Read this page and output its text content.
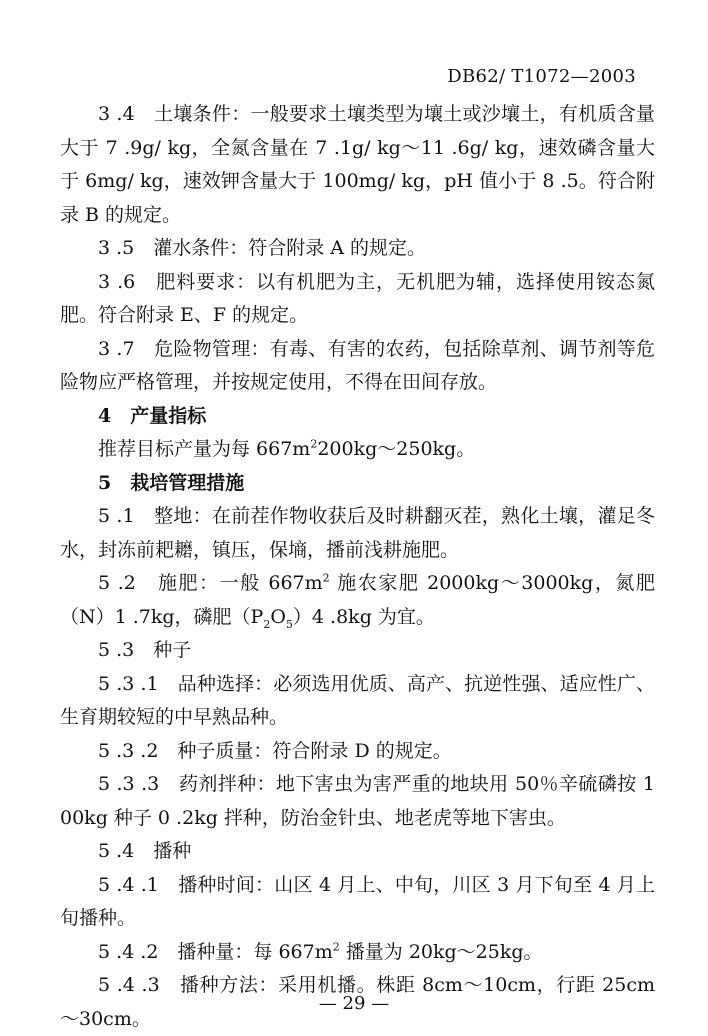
DB62/ T1072—2003

3 .4　土壤条件：一般要求土壤类型为壤土或沙壤土，有机质含量大于 7 .9g/ kg，全氮含量在 7 .1g/ kg～11 .6g/ kg，速效磷含量大于 6mg/ kg，速效钾含量大于 100mg/ kg，pH 值小于 8 .5。符合附录 B 的规定。

3 .5　灌水条件：符合附录 A 的规定。

3 .6　肥料要求：以有机肥为主，无机肥为辅，选择使用铵态氮肥。符合附录 E、F 的规定。

3 .7　危险物管理：有毒、有害的农药，包括除草剂、调节剂等危险物应严格管理，并按规定使用，不得在田间存放。

4　产量指标

推荐目标产量为每 $667m^2200kg\sim 250kg$。

5　栽培管理措施

5 .1　整地：在前茬作物收获后及时耕翻灭茬，熟化土壤，灌足冬水，封冻前耙耱，镇压，保墒，播前浅耕施肥。

5 .2　施肥：一般 $667m^2$ 施农家肥 2000kg～3000kg，氮肥（N）1 .7kg，磷肥$(P_2O_5)4$ .8kg 为宜。

5 .3　种子

5 .3 .1　品种选择：必须选用优质、高产、抗逆性强、适应性广、生育期较短的中早熟品种。

5 .3 .2　种子质量：符合附录 D 的规定。

5 .3 .3　药剂拌种：地下害虫为害严重的地块用 50％辛硫磷按 100kg 种子 0 .2kg 拌种，防治金针虫、地老虎等地下害虫。

5 .4　播种

5 .4 .1　播种时间：山区 4 月上、中旬，川区 3 月下旬至 4 月上旬播种。

5 .4 .2　播种量：每 $667m^2$ 播量为 20kg～25kg。

5 .4 .3　播种方法：采用机播。株距 8cm～10cm，行距 25cm～30cm。

— 29 —
